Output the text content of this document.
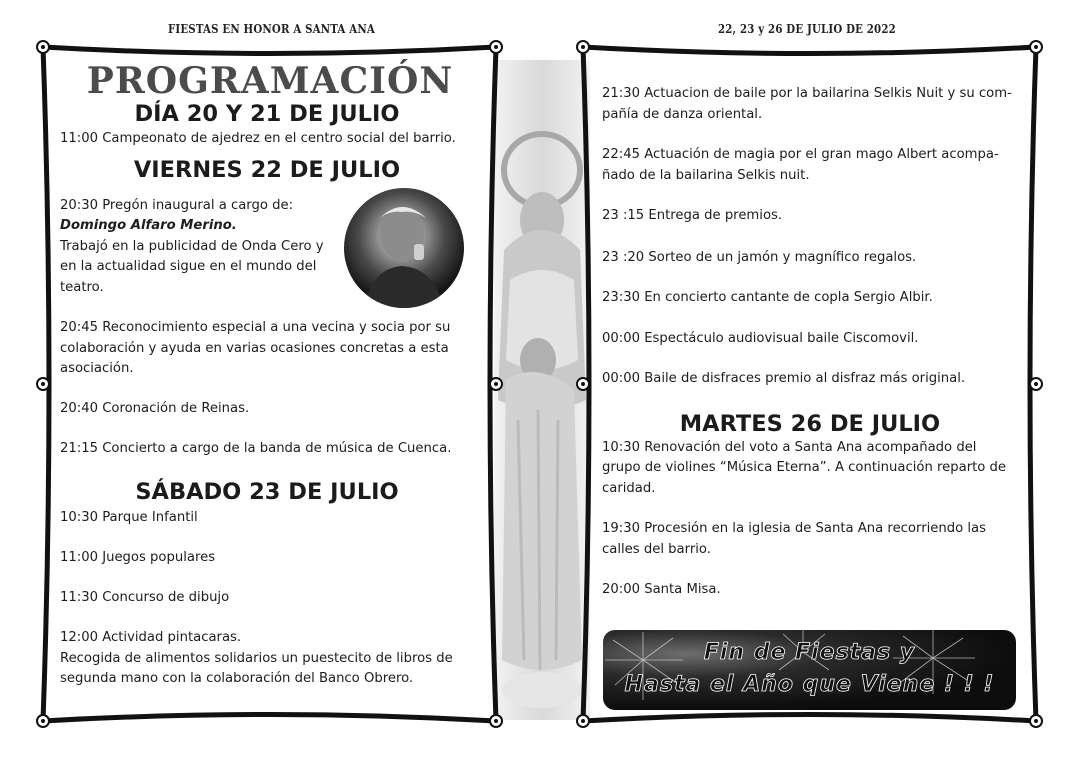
FIESTAS EN HONOR A SANTA ANA	22, 23 y 26 DE JULIO DE 2022
PROGRAMACIÓN
DÍA 20 Y 21 DE JULIO

11:00 Campeonato de ajedrez en el centro social del barrio.

VIERNES 22 DE JULIO

20:30 Pregón inaugural a cargo de:

Domingo Alfaro Merino.

Trabajó en la publicidad de Onda Cero y

en la actualidad sigue en el mundo del

teatro.

20:45 Reconocimiento especial a una vecina y socia por su

colaboración y ayuda en varias ocasiones concretas a esta

asociación.

20:40 Coronación de Reinas.

21:15 Concierto a cargo de la banda de música de Cuenca.

SÁBADO 23 DE JULIO

10:30 Parque Infantil

11:00 Juegos populares

11:30 Concurso de dibujo

12:00 Actividad pintacaras.

Recogida de alimentos solidarios un puestecito de libros de

segunda mano con la colaboración del Banco Obrero.

21:30 Actuacion de baile por la bailarina Selkis Nuit y su com-

pañía de danza oriental.

22:45 Actuación de magia por el gran mago Albert acompa-

ñado de la bailarina Selkis nuit.

23 :15 Entrega de premios.

23 :20 Sorteo de un jamón y magnífico regalos.

23:30 En concierto cantante de copla Sergio Albir.

00:00 Espectáculo audiovisual baile Ciscomovil.

00:00 Baile de disfraces premio al disfraz más original.

MARTES 26 DE JULIO

10:30 Renovación del voto a Santa Ana acompañado del

grupo de violines “Música Eterna”. A continuación reparto de

caridad.

19:30 Procesión en la iglesia de Santa Ana recorriendo las

calles del barrio.

20:00 Santa Misa.

Fin de Fiestas y
Hasta el Año que Viene ! ! !
